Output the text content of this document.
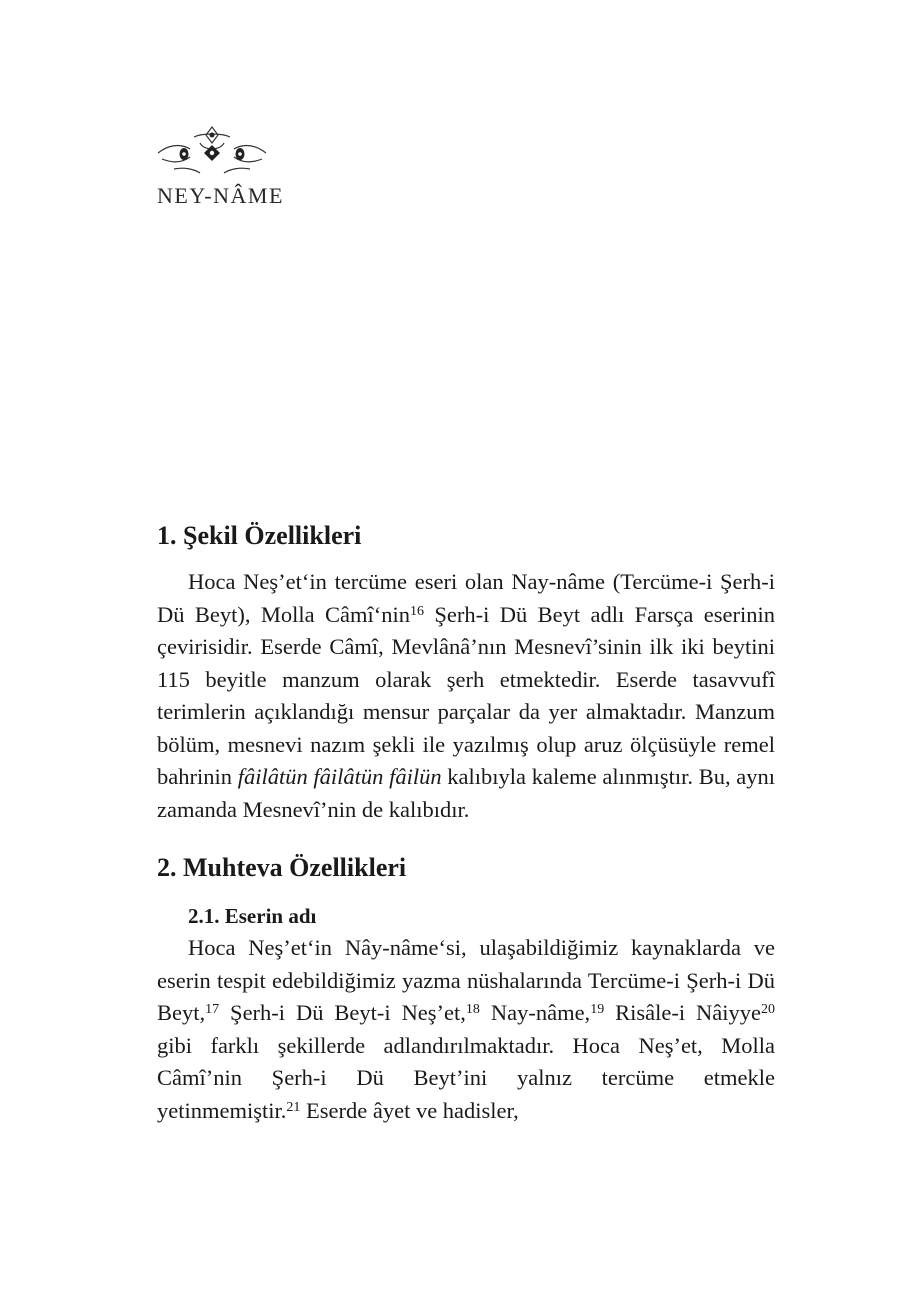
NEY-NÂME
1. Şekil Özellikleri

Hoca Neş’et‘in tercüme eseri olan Nay-nâme (Tercüme-i Şerh-i Dü Beyt), Molla Câmî‘nin$^{16}$ Şerh-i Dü Beyt adlı Farsça eserinin çevirisidir. Eserde Câmî, Mevlânâ’nın Mesnevî’sinin ilk iki beytini 115 beyitle manzum olarak şerh etmektedir. Eserde tasavvufî terimlerin açıklandığı mensur parçalar da yer almaktadır. Manzum bölüm, mesnevi nazım şekli ile yazılmış olup aruz ölçüsüyle remel bahrinin fâilâtün fâilâtün fâilün kalıbıyla kaleme alınmıştır. Bu, aynı zamanda Mesnevî’nin de kalıbıdır.

2. Muhteva Özellikleri
2.1. Eserin adı

Hoca Neş’et‘in Nây-nâme‘si, ulaşabildiğimiz kaynaklarda ve eserin tespit edebildiğimiz yazma nüshalarında Tercüme-i Şerh-i Dü Beyt,$^{17}$ Şerh-i Dü Beyt-i Neş’et,$^{18}$ Nay-nâme,$^{19}$ Risâle-i Nâiyye$^{20}$ gibi farklı şekillerde adlandırılmaktadır. Hoca Neş’et, Molla Câmî’nin Şerh-i Dü Beyt’ini yalnız tercüme etmekle yetinmemiştir.$^{21}$ Eserde âyet ve hadisler,
